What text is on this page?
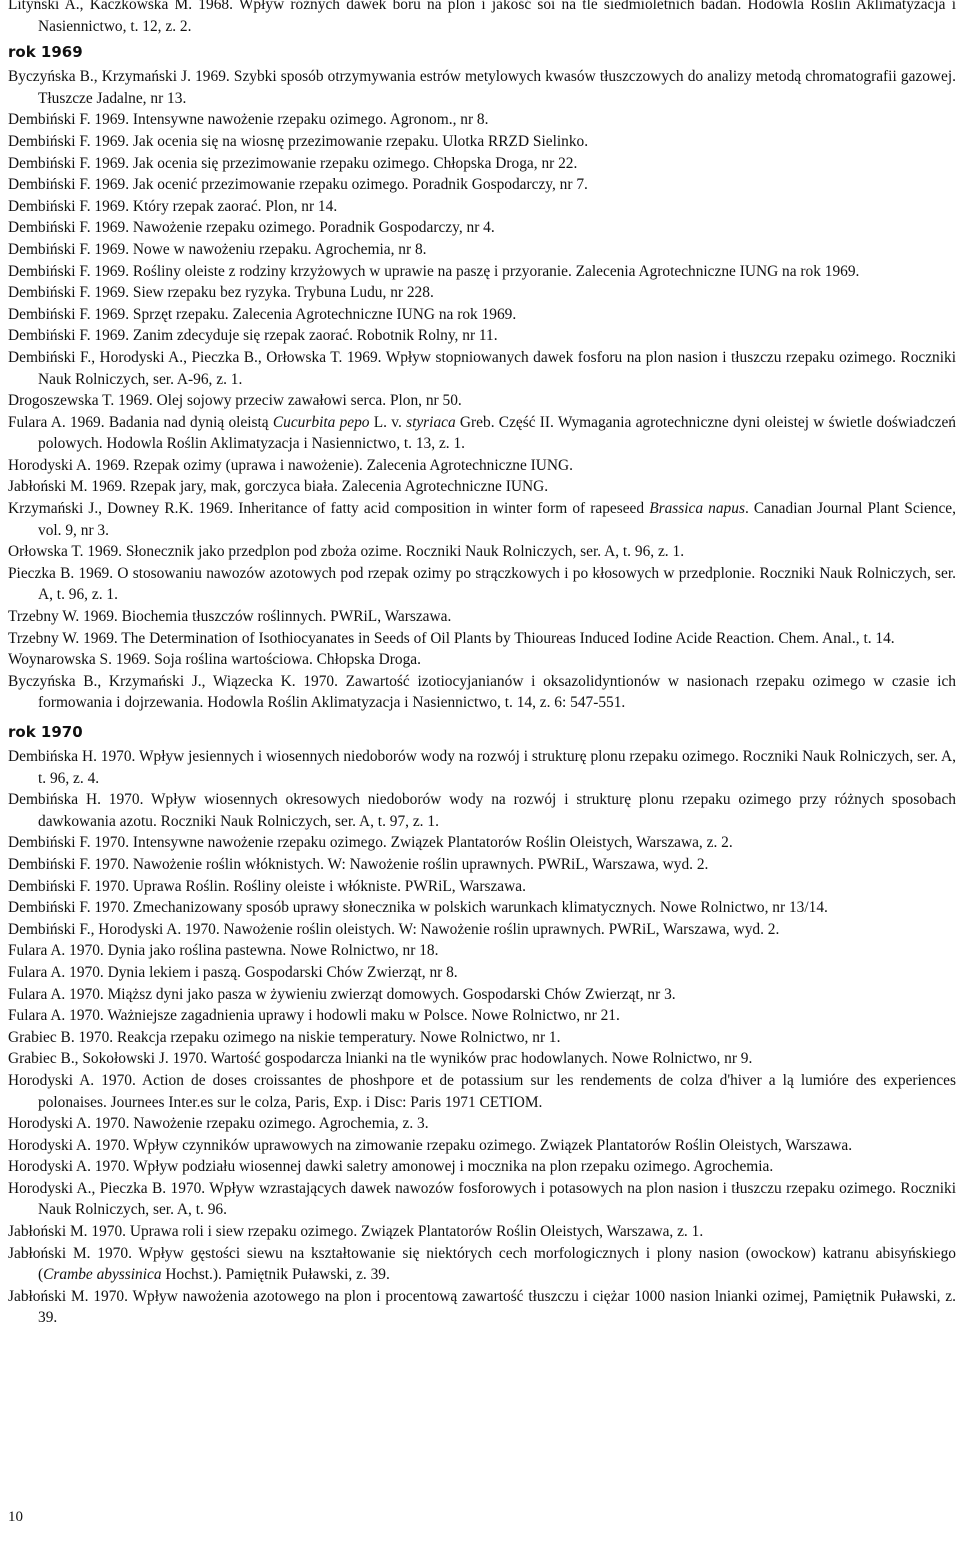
Lityński A., Kaczkowska M. 1968. Wpływ różnych dawek boru na plon i jakość soi na tle siedmioletnich badań. Hodowla Roślin Aklimatyzacja i Nasiennictwo, t. 12, z. 2.

rok 1969

Byczyńska B., Krzymański J. 1969. Szybki sposób otrzymywania estrów metylowych kwasów tłuszczowych do analizy metodą chromatografii gazowej. Tłuszcze Jadalne, nr 13.

Dembiński F. 1969. Intensywne nawożenie rzepaku ozimego. Agronom., nr 8.

Dembiński F. 1969. Jak ocenia się na wiosnę przezimowanie rzepaku. Ulotka RRZD Sielinko.

Dembiński F. 1969. Jak ocenia się przezimowanie rzepaku ozimego. Chłopska Droga, nr 22.

Dembiński F. 1969. Jak ocenić przezimowanie rzepaku ozimego. Poradnik Gospodarczy, nr 7.

Dembiński F. 1969. Który rzepak zaorać. Plon, nr 14.

Dembiński F. 1969. Nawożenie rzepaku ozimego. Poradnik Gospodarczy, nr 4.

Dembiński F. 1969. Nowe w nawożeniu rzepaku. Agrochemia, nr 8.

Dembiński F. 1969. Rośliny oleiste z rodziny krzyżowych w uprawie na paszę i przyoranie. Zalecenia Agrotechniczne IUNG na rok 1969.

Dembiński F. 1969. Siew rzepaku bez ryzyka. Trybuna Ludu, nr 228.

Dembiński F. 1969. Sprzęt rzepaku. Zalecenia Agrotechniczne IUNG na rok 1969.

Dembiński F. 1969. Zanim zdecyduje się rzepak zaorać. Robotnik Rolny, nr 11.

Dembiński F., Horodyski A., Pieczka B., Orłowska T. 1969. Wpływ stopniowanych dawek fosforu na plon nasion i tłuszczu rzepaku ozimego. Roczniki Nauk Rolniczych, ser. A-96, z. 1.

Drogoszewska T. 1969. Olej sojowy przeciw zawałowi serca. Plon, nr 50.

Fulara A. 1969. Badania nad dynią oleistą Cucurbita pepo L. v. styriaca Greb. Część II. Wymagania agrotechniczne dyni oleistej w świetle doświadczeń polowych. Hodowla Roślin Aklimatyzacja i Nasiennictwo, t. 13, z. 1.

Horodyski A. 1969. Rzepak ozimy (uprawa i nawożenie). Zalecenia Agrotechniczne IUNG.

Jabłoński M. 1969. Rzepak jary, mak, gorczyca biała. Zalecenia Agrotechniczne IUNG.

Krzymański J., Downey R.K. 1969. Inheritance of fatty acid composition in winter form of rapeseed Brassica napus. Canadian Journal Plant Science, vol. 9, nr 3.

Orłowska T. 1969. Słonecznik jako przedplon pod zboża ozime. Roczniki Nauk Rolniczych, ser. A, t. 96, z. 1.

Pieczka B. 1969. O stosowaniu nawozów azotowych pod rzepak ozimy po strączkowych i po kłosowych w przedplonie. Roczniki Nauk Rolniczych, ser. A, t. 96, z. 1.

Trzebny W. 1969. Biochemia tłuszczów roślinnych. PWRiL, Warszawa.

Trzebny W. 1969. The Determination of Isothiocyanates in Seeds of Oil Plants by Thioureas Induced Iodine Acide Reaction. Chem. Anal., t. 14.

Woynarowska S. 1969. Soja roślina wartościowa. Chłopska Droga.

Byczyńska B., Krzymański J., Wiązecka K. 1970. Zawartość izotiocyjanianów i oksazolidyntionów w nasionach rzepaku ozimego w czasie ich formowania i dojrzewania. Hodowla Roślin Aklimatyzacja i Nasiennictwo, t. 14, z. 6: 547-551.

rok 1970

Dembińska H. 1970. Wpływ jesiennych i wiosennych niedoborów wody na rozwój i strukturę plonu rzepaku ozimego. Roczniki Nauk Rolniczych, ser. A, t. 96, z. 4.

Dembińska H. 1970. Wpływ wiosennych okresowych niedoborów wody na rozwój i strukturę plonu rzepaku ozimego przy różnych sposobach dawkowania azotu. Roczniki Nauk Rolniczych, ser. A, t. 97, z. 1.

Dembiński F. 1970. Intensywne nawożenie rzepaku ozimego. Związek Plantatorów Roślin Oleistych, Warszawa, z. 2.

Dembiński F. 1970. Nawożenie roślin włóknistych. W: Nawożenie roślin uprawnych. PWRiL, Warszawa, wyd. 2.

Dembiński F. 1970. Uprawa Roślin. Rośliny oleiste i włókniste. PWRiL, Warszawa.

Dembiński F. 1970. Zmechanizowany sposób uprawy słonecznika w polskich warunkach klimatycznych. Nowe Rolnictwo, nr 13/14.

Dembiński F., Horodyski A. 1970. Nawożenie roślin oleistych. W: Nawożenie roślin uprawnych. PWRiL, Warszawa, wyd. 2.

Fulara A. 1970. Dynia jako roślina pastewna. Nowe Rolnictwo, nr 18.

Fulara A. 1970. Dynia lekiem i paszą. Gospodarski Chów Zwierząt, nr 8.

Fulara A. 1970. Miąższ dyni jako pasza w żywieniu zwierząt domowych. Gospodarski Chów Zwierząt, nr 3.

Fulara A. 1970. Ważniejsze zagadnienia uprawy i hodowli maku w Polsce. Nowe Rolnictwo, nr 21.

Grabiec B. 1970. Reakcja rzepaku ozimego na niskie temperatury. Nowe Rolnictwo, nr 1.

Grabiec B., Sokołowski J. 1970. Wartość gospodarcza lnianki na tle wyników prac hodowlanych. Nowe Rolnictwo, nr 9.

Horodyski A. 1970. Action de doses croissantes de phoshpore et de potassium sur les rendements de colza d'hiver a lą lumióre des experiences polonaises. Journees Inter.es sur le colza, Paris, Exp. i Disc: Paris 1971 CETIOM.

Horodyski A. 1970. Nawożenie rzepaku ozimego. Agrochemia, z. 3.

Horodyski A. 1970. Wpływ czynników uprawowych na zimowanie rzepaku ozimego. Związek Plantatorów Roślin Oleistych, Warszawa.

Horodyski A. 1970. Wpływ podziału wiosennej dawki saletry amonowej i mocznika na plon rzepaku ozimego. Agrochemia.

Horodyski A., Pieczka B. 1970. Wpływ wzrastających dawek nawozów fosforowych i potasowych na plon nasion i tłuszczu rzepaku ozimego. Roczniki Nauk Rolniczych, ser. A, t. 96.

Jabłoński M. 1970. Uprawa roli i siew rzepaku ozimego. Związek Plantatorów Roślin Oleistych, Warszawa, z. 1.

Jabłoński M. 1970. Wpływ gęstości siewu na kształtowanie się niektórych cech morfologicznych i plony nasion (owockow) katranu abisyńskiego (Crambe abyssinica Hochst.). Pamiętnik Puławski, z. 39.

Jabłoński M. 1970. Wpływ nawożenia azotowego na plon i procentową zawartość tłuszczu i ciężar 1000 nasion lnianki ozimej, Pamiętnik Puławski, z. 39.

10
